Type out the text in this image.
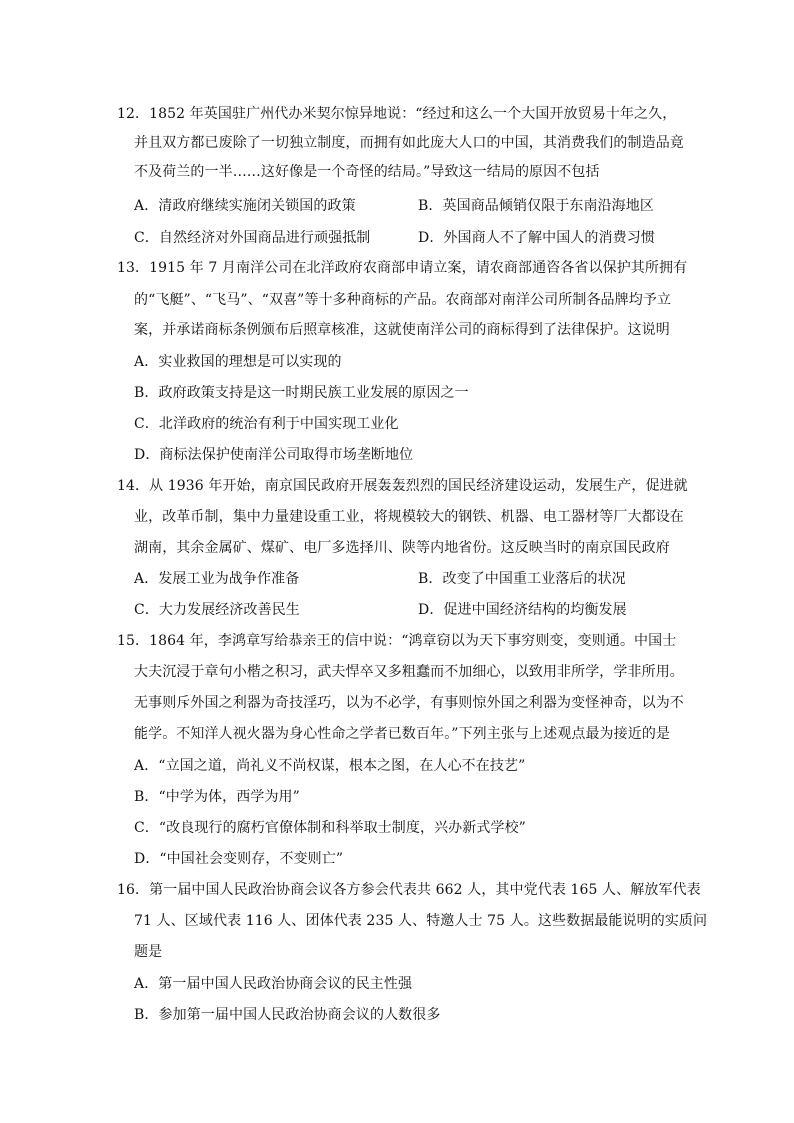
12．1852 年英国驻广州代办米契尔惊异地说：“经过和这么一个大国开放贸易十年之久，
并且双方都已废除了一切独立制度，而拥有如此庞大人口的中国，其消费我们的制造品竟
不及荷兰的一半……这好像是一个奇怪的结局。”导致这一结局的原因不包括
A．清政府继续实施闭关锁国的政策	B．英国商品倾销仅限于东南沿海地区
C．自然经济对外国商品进行顽强抵制	D．外国商人不了解中国人的消费习惯
13．1915 年 7 月南洋公司在北洋政府农商部申请立案，请农商部通咨各省以保护其所拥有
的“飞艇”、“飞马”、“双喜”等十多种商标的产品。农商部对南洋公司所制各品牌均予立
案，并承诺商标条例颁布后照章核准，这就使南洋公司的商标得到了法律保护。这说明
A．实业救国的理想是可以实现的
B．政府政策支持是这一时期民族工业发展的原因之一
C．北洋政府的统治有利于中国实现工业化
D．商标法保护使南洋公司取得市场垄断地位
14．从 1936 年开始，南京国民政府开展轰轰烈烈的国民经济建设运动，发展生产，促进就
业，改革币制，集中力量建设重工业，将规模较大的钢铁、机器、电工器材等厂大都设在
湖南，其余金属矿、煤矿、电厂多选择川、陕等内地省份。这反映当时的南京国民政府
A．发展工业为战争作准备	B．改变了中国重工业落后的状况
C．大力发展经济改善民生	D．促进中国经济结构的均衡发展
15．1864 年，李鸿章写给恭亲王的信中说：“鸿章窃以为天下事穷则变，变则通。中国士
大夫沉浸于章句小楷之积习，武夫悍卒又多粗蠢而不加细心，以致用非所学，学非所用。
无事则斥外国之利器为奇技淫巧，以为不必学，有事则惊外国之利器为变怪神奇，以为不
能学。不知洋人视火器为身心性命之学者已数百年。”下列主张与上述观点最为接近的是
A．“立国之道，尚礼义不尚权谋，根本之图，在人心不在技艺”
B．“中学为体，西学为用”
C．“改良现行的腐朽官僚体制和科举取士制度，兴办新式学校”
D．“中国社会变则存，不变则亡”
16．第一届中国人民政治协商会议各方参会代表共 662 人，其中党代表 165 人、解放军代表
71 人、区域代表 116 人、团体代表 235 人、特邀人士 75 人。这些数据最能说明的实质问
题是
A．第一届中国人民政治协商会议的民主性强
B．参加第一届中国人民政治协商会议的人数很多
